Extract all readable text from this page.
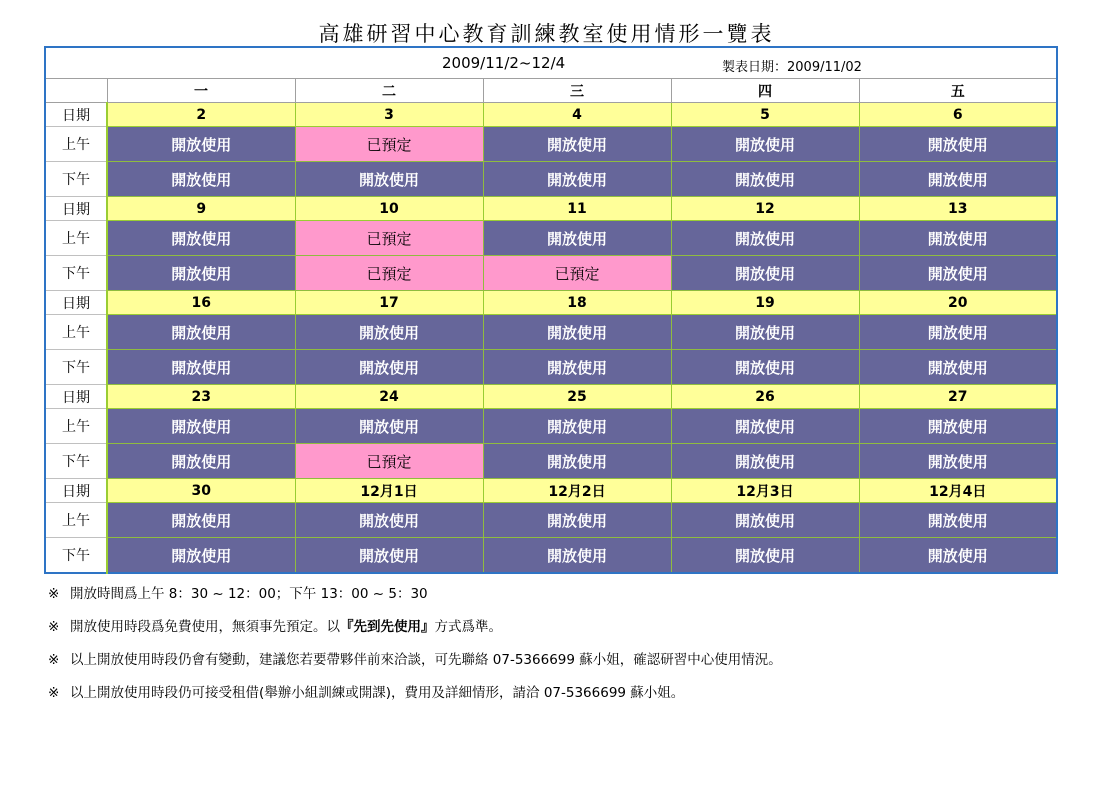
高雄研習中心教育訓練教室使用情形一覽表
2009/11/2~12/4 製表日期：2009/11/02					

	一	二	三	四	五
日期	2	3	4	5	6
上午	開放使用	已預定	開放使用	開放使用	開放使用
下午	開放使用	開放使用	開放使用	開放使用	開放使用
日期	9	10	11	12	13
上午	開放使用	已預定	開放使用	開放使用	開放使用
下午	開放使用	已預定	已預定	開放使用	開放使用
日期	16	17	18	19	20
上午	開放使用	開放使用	開放使用	開放使用	開放使用
下午	開放使用	開放使用	開放使用	開放使用	開放使用
日期	23	24	25	26	27
上午	開放使用	開放使用	開放使用	開放使用	開放使用
下午	開放使用	已預定	開放使用	開放使用	開放使用
日期	30	12月1日	12月2日	12月3日	12月4日
上午	開放使用	開放使用	開放使用	開放使用	開放使用
下午	開放使用	開放使用	開放使用	開放使用	開放使用
※ 開放時間爲上午 8：30 ~ 12：00；下午 13：00 ~ 5：30
※ 開放使用時段爲免費使用，無須事先預定。以『先到先使用』方式爲準。
※ 以上開放使用時段仍會有變動，建議您若要帶夥伴前來洽談，可先聯絡 07-5366699 蘇小姐，確認研習中心使用情況。
※ 以上開放使用時段仍可接受租借(舉辦小組訓練或開課)，費用及詳細情形，請洽 07-5366699 蘇小姐。
